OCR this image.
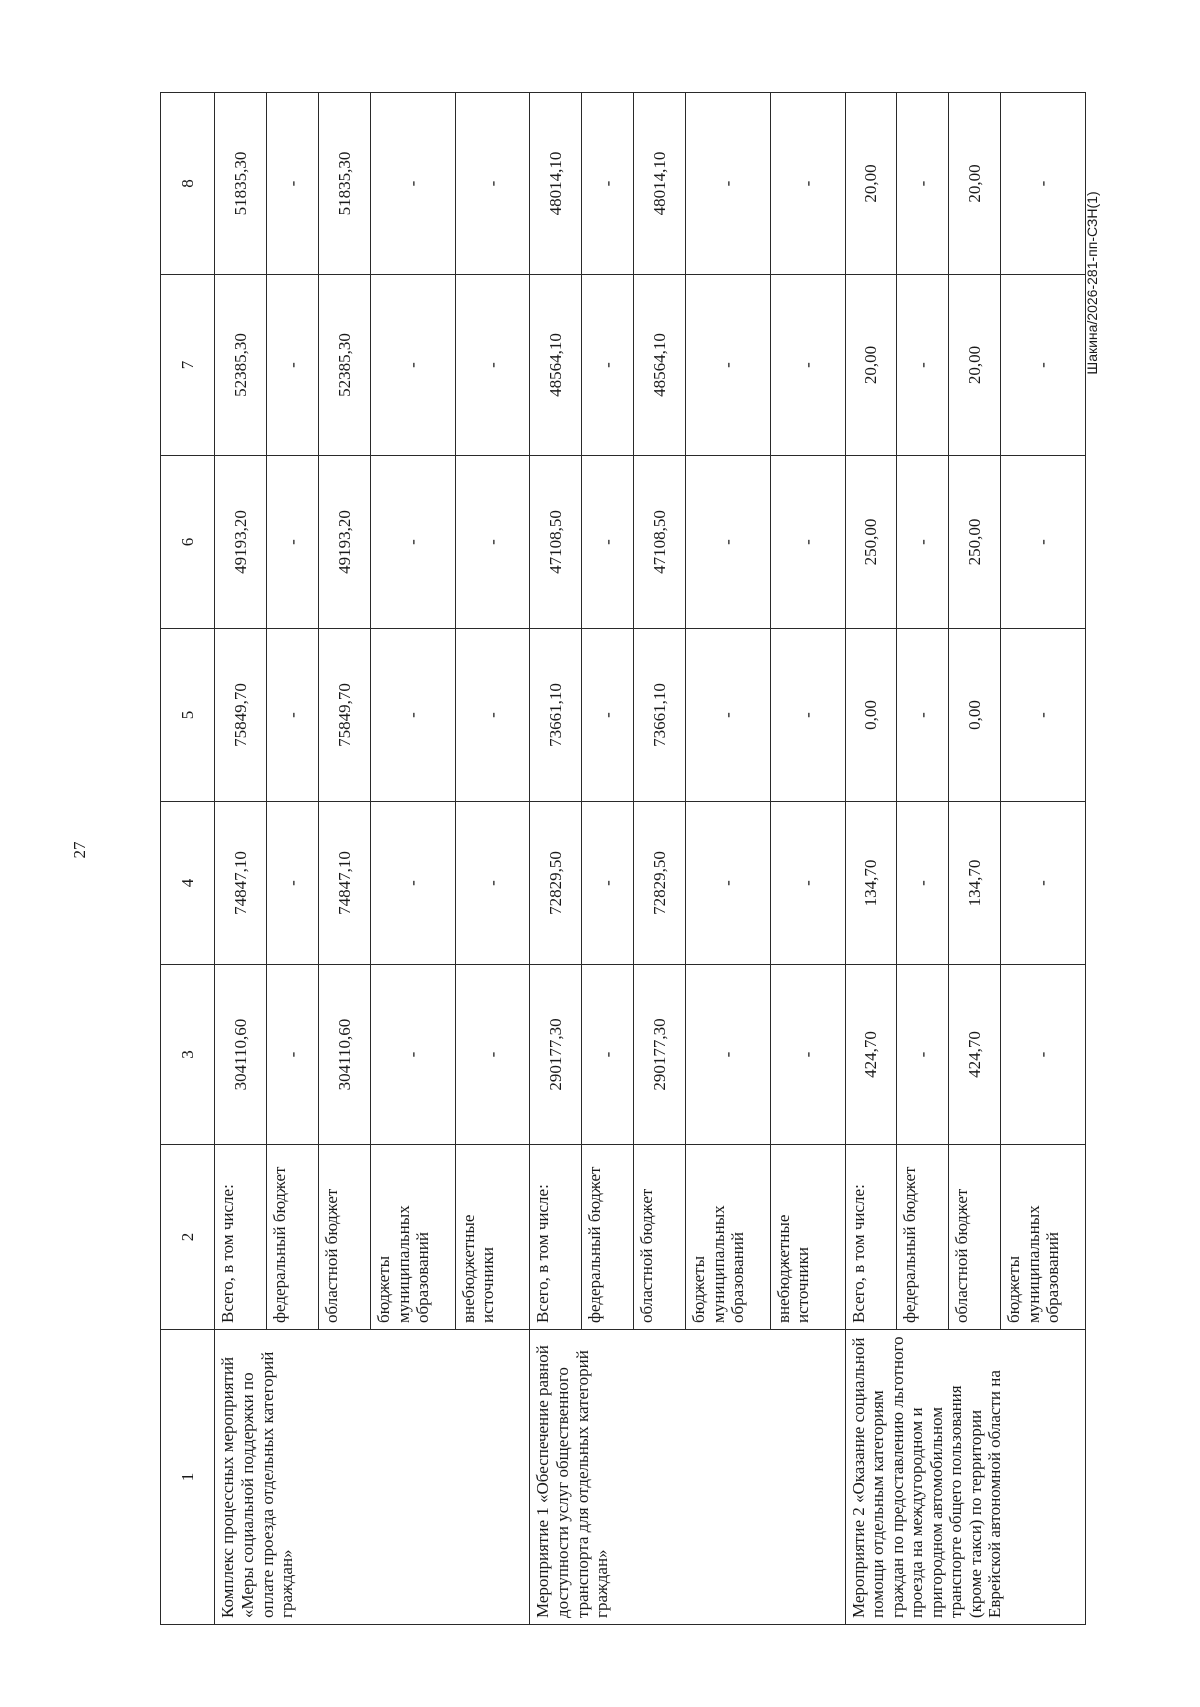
27
1	2	3	4	5	6	7	8
Комплекс процессных мероприятий «Меры социальной поддержки по оплате проезда отдельных категорий граждан»	Всего, в том числе:	304110,60	74847,10	75849,70	49193,20	52385,30	51835,30
	федеральный бюджет	-	-	-	-	-	-
	областной бюджет	304110,60	74847,10	75849,70	49193,20	52385,30	51835,30
	бюджеты муниципальных образований	-	-	-	-	-	-
	внебюджетные источники	-	-	-	-	-	-
Мероприятие 1 «Обеспечение равной доступности услуг общественного транспорта для отдельных категорий граждан»	Всего, в том числе:	290177,30	72829,50	73661,10	47108,50	48564,10	48014,10
	федеральный бюджет	-	-	-	-	-	-
	областной бюджет	290177,30	72829,50	73661,10	47108,50	48564,10	48014,10
	бюджеты муниципальных образований	-	-	-	-	-	-
	внебюджетные источники	-	-	-	-	-	-
Мероприятие 2 «Оказание социальной помощи отдельным категориям граждан по предоставлению льготного проезда на междугородном и пригородном автомобильном транспорте общего пользования (кроме такси) по территории Еврейской автономной области на	Всего, в том числе:	424,70	134,70	0,00	250,00	20,00	20,00
	федеральный бюджет	-	-	-	-	-	-
	областной бюджет	424,70	134,70	0,00	250,00	20,00	20,00
	бюджеты муниципальных образований	-	-	-	-	-	-
Шакина/2026-281-пп-СЗН(1)
